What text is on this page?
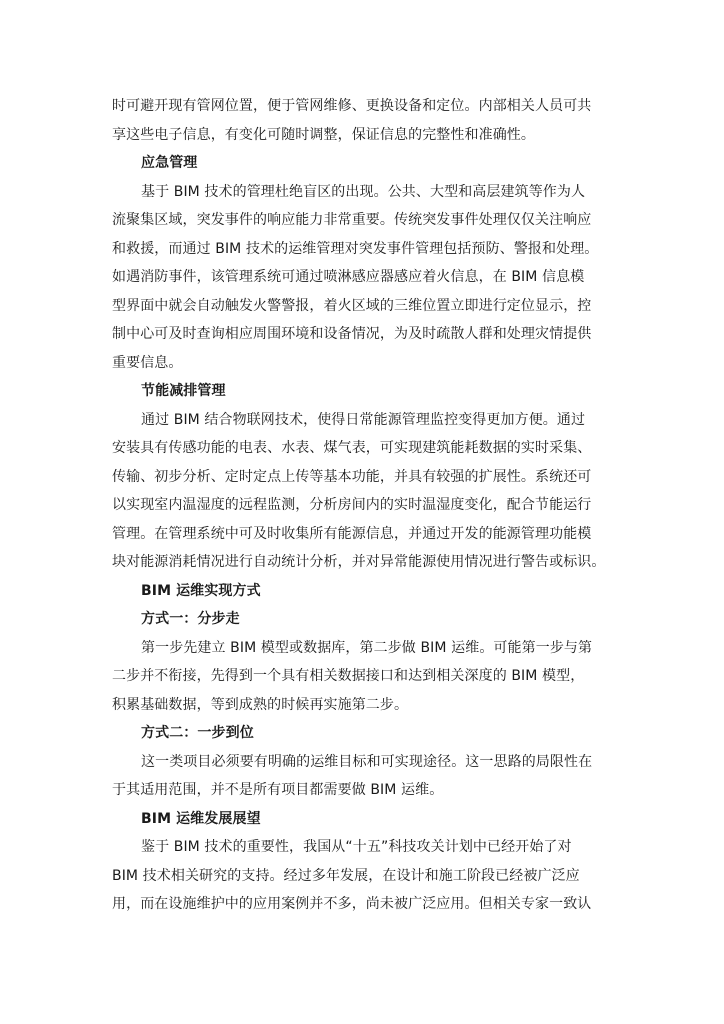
时可避开现有管网位置，便于管网维修、更换设备和定位。内部相关人员可共
享这些电子信息，有变化可随时调整，保证信息的完整性和准确性。
应急管理
基于 BIM 技术的管理杜绝盲区的出现。公共、大型和高层建筑等作为人
流聚集区域，突发事件的响应能力非常重要。传统突发事件处理仅仅关注响应
和救援，而通过 BIM 技术的运维管理对突发事件管理包括预防、警报和处理。
如遇消防事件，该管理系统可通过喷淋感应器感应着火信息，在 BIM 信息模
型界面中就会自动触发火警警报，着火区域的三维位置立即进行定位显示，控
制中心可及时查询相应周围环境和设备情况，为及时疏散人群和处理灾情提供
重要信息。
节能减排管理
通过 BIM 结合物联网技术，使得日常能源管理监控变得更加方便。通过
安装具有传感功能的电表、水表、煤气表，可实现建筑能耗数据的实时采集、
传输、初步分析、定时定点上传等基本功能，并具有较强的扩展性。系统还可
以实现室内温湿度的远程监测，分析房间内的实时温湿度变化，配合节能运行
管理。在管理系统中可及时收集所有能源信息，并通过开发的能源管理功能模
块对能源消耗情况进行自动统计分析，并对异常能源使用情况进行警告或标识。
BIM 运维实现方式
方式一：分步走
第一步先建立 BIM 模型或数据库，第二步做 BIM 运维。可能第一步与第
二步并不衔接，先得到一个具有相关数据接口和达到相关深度的 BIM 模型，
积累基础数据，等到成熟的时候再实施第二步。
方式二：一步到位
这一类项目必须要有明确的运维目标和可实现途径。这一思路的局限性在
于其适用范围，并不是所有项目都需要做 BIM 运维。
BIM 运维发展展望
鉴于 BIM 技术的重要性，我国从“十五”科技攻关计划中已经开始了对
BIM 技术相关研究的支持。经过多年发展，在设计和施工阶段已经被广泛应
用，而在设施维护中的应用案例并不多，尚未被广泛应用。但相关专家一致认
